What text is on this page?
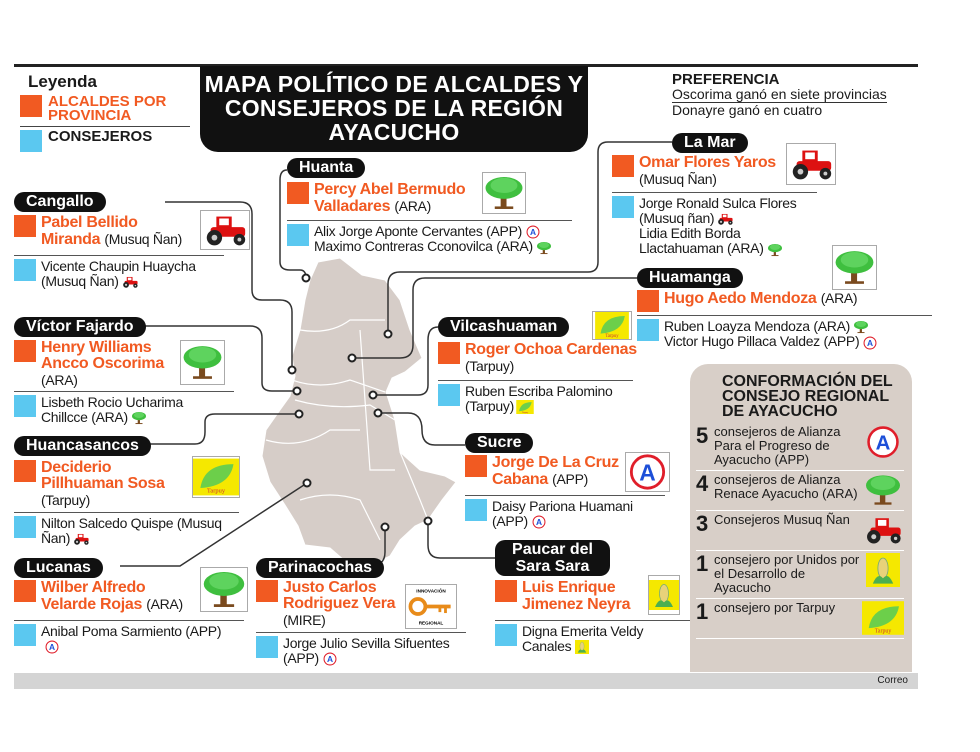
Leyenda
ALCALDES POR PROVINCIA
CONSEJEROS
MAPA POLÍTICO DE ALCALDES Y CONSEJEROS DE LA REGIÓN AYACUCHO
PREFERENCIA
Oscorima ganó en siete provincias
Donayre ganó en cuatro
Cangallo
Pabel Bellido Miranda (Musuq Ñan)
Vicente Chaupin Huaycha (Musuq Ñan)
Huanta
Percy Abel Bermudo Valladares (ARA)
Alix Jorge Aponte Cervantes (APP) A
Maximo Contreras Cconovilca (ARA)
La Mar
Omar Flores Yaros (Musuq Ñan)
Jorge Ronald Sulca Flores (Musuq ñan)
Lidia Edith Borda Llactahuaman (ARA)
Huamanga
Hugo Aedo Mendoza (ARA)
Ruben Loayza Mendoza (ARA)
Victor Hugo Pillaca Valdez (APP) A
Víctor Fajardo
Henry Williams Ancco Oscorima (ARA)
Lisbeth Rocio Ucharima Chillcce (ARA)
Vilcashuaman
Roger Ochoa Cardenas (Tarpuy)
Tarpuy
Ruben Escriba Palomino (Tarpuy) Tarpuy
Huancasancos
Deciderio Pillhuaman Sosa (Tarpuy)
Tarpuy
Nilton Salcedo Quispe (Musuq Ñan)
Sucre
Jorge De La Cruz Cabana (APP)	A
Daisy Pariona Huamani (APP) A
Lucanas
Wilber Alfredo Velarde Rojas (ARA)
Anibal Poma Sarmiento (APP)
A
Parinacochas
Justo Carlos Rodriguez Vera (MIRE)
INNOVACIÓN
REGIONAL
Jorge Julio Sevilla Sifuentes (APP) A
Paucar del Sara Sara
Luis Enrique Jimenez Neyra
Digna Emerita Veldy Canales
CONFORMACIÓN DEL CONSEJO REGIONAL DE AYACUCHO
5 consejeros de Alianza Para el Progreso de Ayacucho (APP)
A
4 consejeros de Alianza Renace Ayacucho (ARA)
3 Consejeros Musuq Ñan
1 consejero por Unidos por el Desarrollo de Ayacucho
1 consejero por Tarpuy
Tarpuy
Correo
